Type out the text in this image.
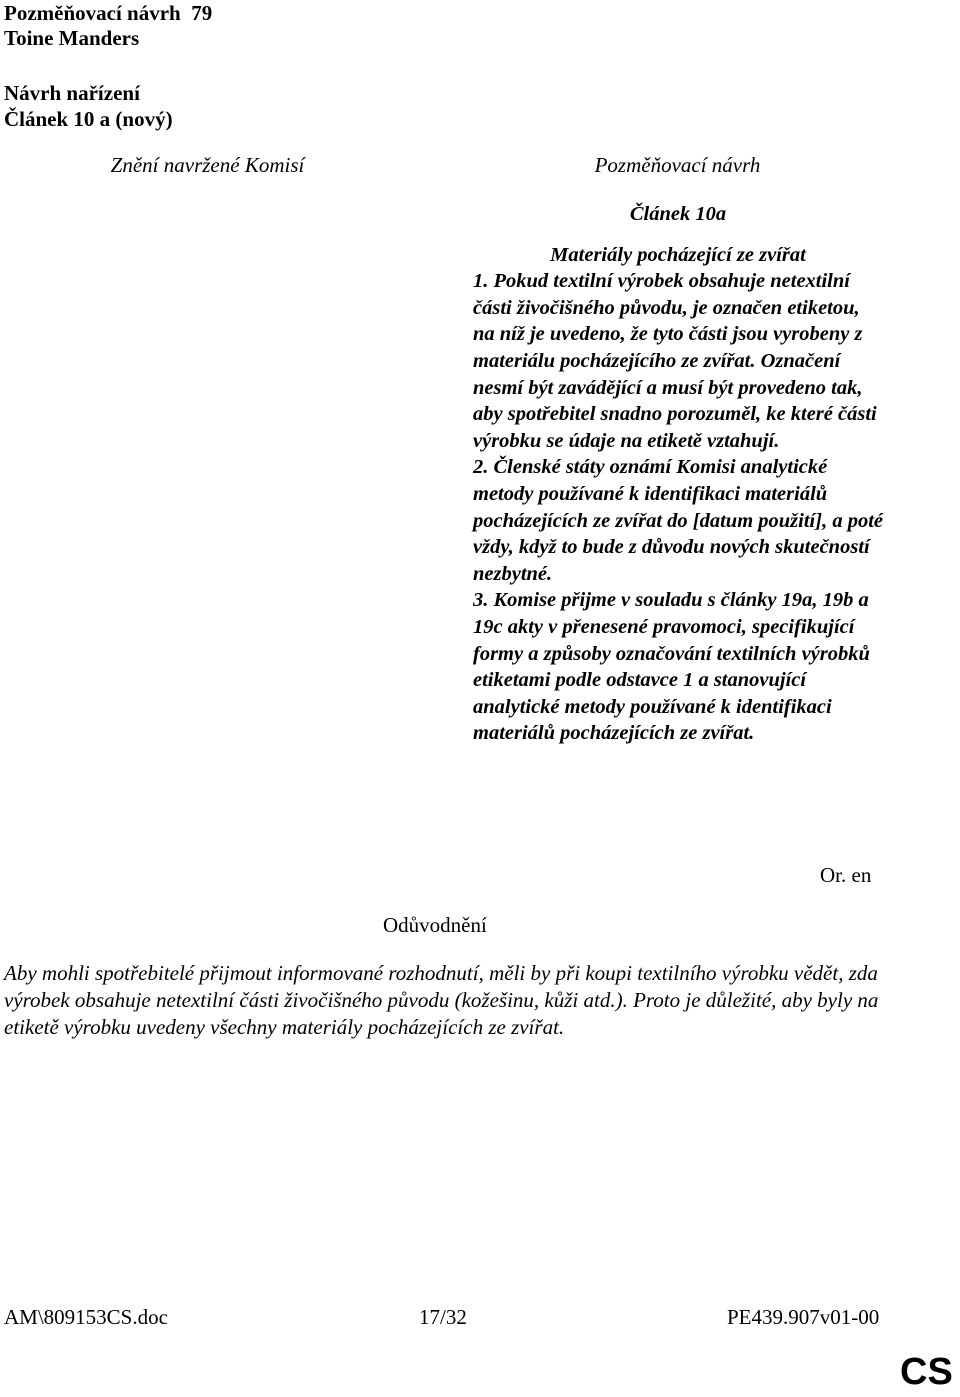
Pozměňovací návrh  79
Toine Manders
Návrh nařízení
Článek 10 a (nový)
Znění navržené Komisí	Pozměňovací návrh

Článek 10a

Materiály pocházející ze zvířat

1. Pokud textilní výrobek obsahuje netextilní části živočišného původu, je označen etiketou, na níž je uvedeno, že tyto části jsou vyrobeny z materiálu pocházejícího ze zvířat. Označení nesmí být zavádějící a musí být provedeno tak, aby spotřebitel snadno porozuměl, ke které části výrobku se údaje na etiketě vztahují.

2. Členské státy oznámí Komisi analytické metody používané k identifikaci materiálů pocházejících ze zvířat do [datum použití], a poté vždy, když to bude z důvodu nových skutečností nezbytné.

3. Komise přijme v souladu s články 19a, 19b a 19c akty v přenesené pravomoci, specifikující formy a způsoby označování textilních výrobků etiketami podle odstavce 1 a stanovující analytické metody používané k identifikaci materiálů pocházejících ze zvířat.

Or. en
Odůvodnění
Aby mohli spotřebitelé přijmout informované rozhodnutí, měli by při koupi textilního výrobku vědět, zda výrobek obsahuje netextilní části živočišného původu (kožešinu, kůži atd.). Proto je důležité, aby byly na etiketě výrobku uvedeny všechny materiály pocházejících ze zvířat.
AM\809153CS.doc	17/32	PE439.907v01-00
CS
